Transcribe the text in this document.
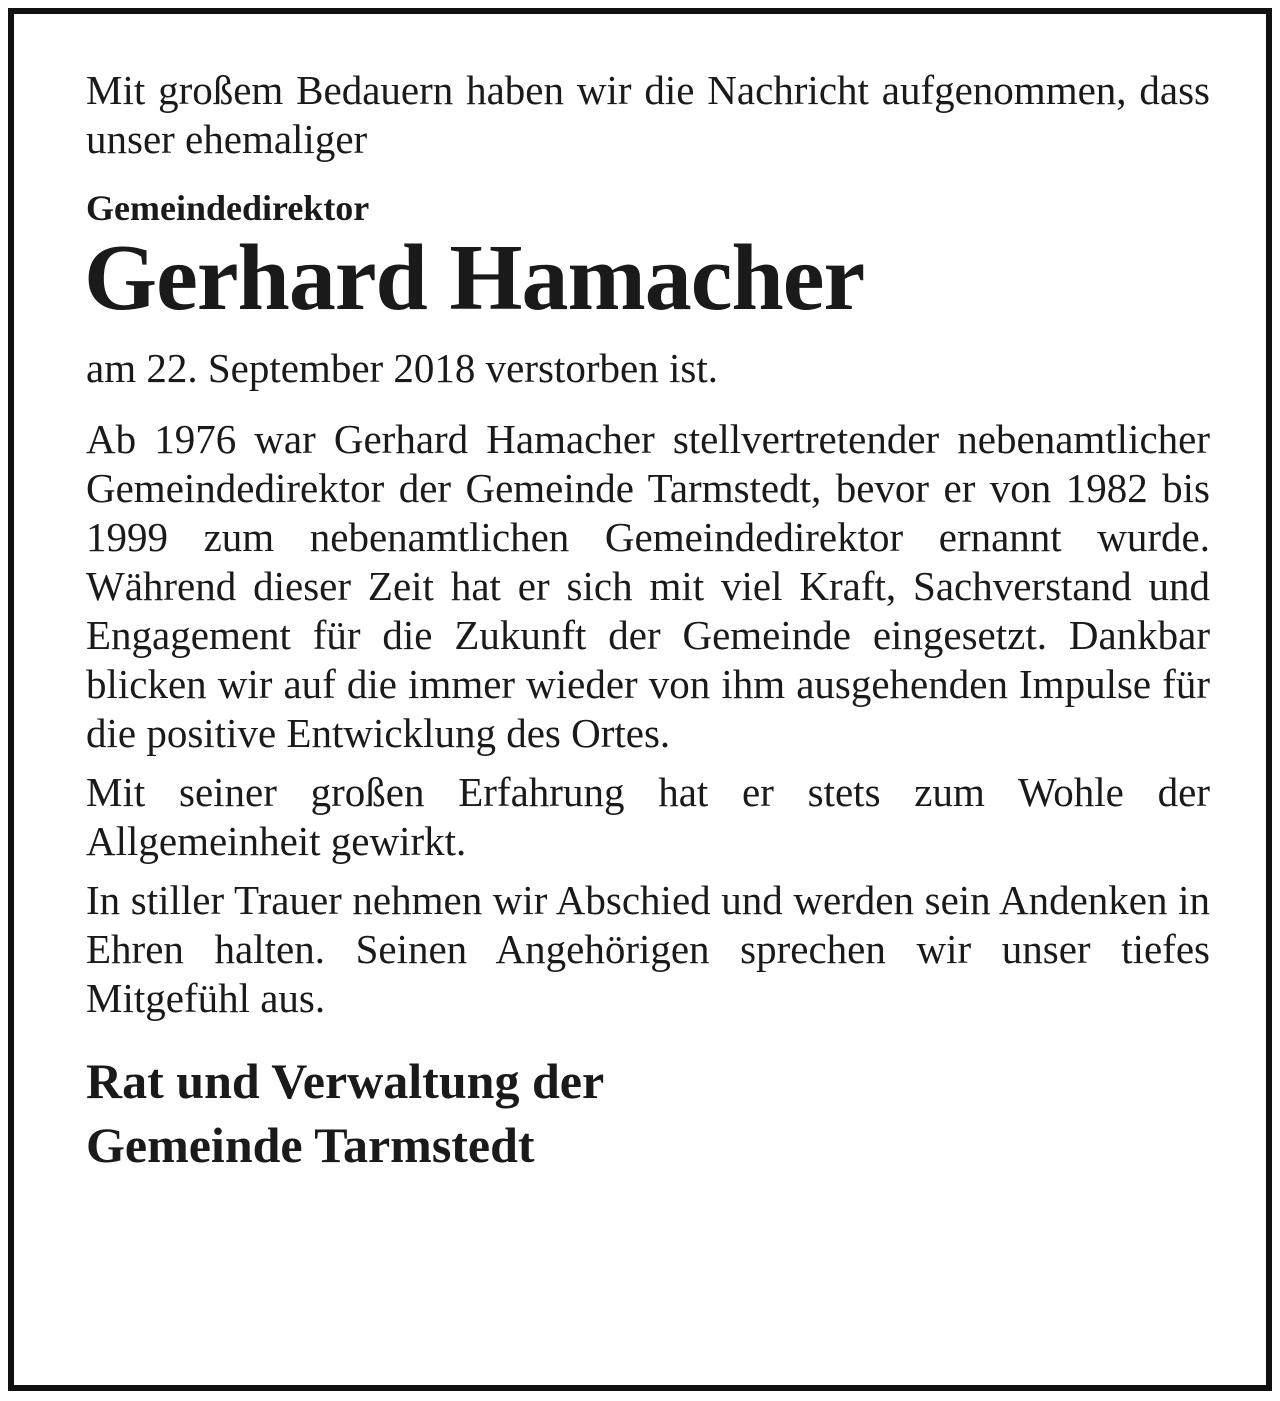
Mit großem Bedauern haben wir die Nachricht aufgenommen, dass unser ehemaliger

Gemeindedirektor

Gerhard Hamacher

am 22. September 2018 verstorben ist.

Ab 1976 war Gerhard Hamacher stellvertretender nebenamtlicher Gemeindedirektor der Gemeinde Tarmstedt, bevor er von 1982 bis 1999 zum nebenamtlichen Gemeindedirektor ernannt wurde. Während dieser Zeit hat er sich mit viel Kraft, Sachverstand und Engagement für die Zukunft der Gemeinde eingesetzt. Dankbar blicken wir auf die immer wieder von ihm ausgehenden Impulse für die positive Entwicklung des Ortes.

Mit seiner großen Erfahrung hat er stets zum Wohle der Allgemeinheit gewirkt.

In stiller Trauer nehmen wir Abschied und werden sein Andenken in Ehren halten. Seinen Angehörigen sprechen wir unser tiefes Mitgefühl aus.

Rat und Verwaltung der
Gemeinde Tarmstedt
